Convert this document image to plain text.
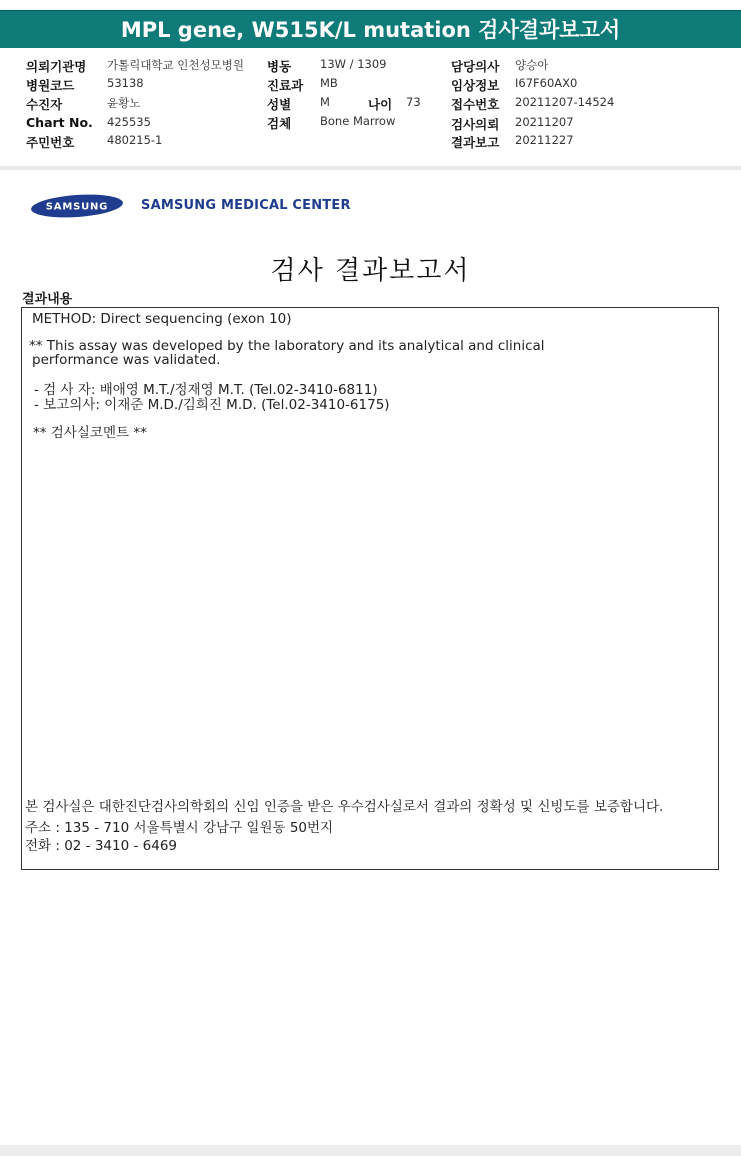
MPL gene, W515K/L mutation 검사결과보고서
의뢰기관명 가톨릭대학교 인천성모병원
병원코드	53138
수진자	윤황노
Chart No. 425535
주민번호	480215-1
병동	13W / 1309
진료과 MB
성별	M	나이 73
검체	Bone Marrow
담당의사 양승아
임상정보 I67F60AX0
접수번호 20211207-14524
검사의뢰 20211207
결과보고 20211227
SAMSUNG	SAMSUNG MEDICAL CENTER
검사 결과보고서
결과내용
METHOD: Direct sequencing (exon 10)
** This assay was developed by the laboratory and its analytical and clinical
performance was validated.
- 검 사 자: 배애영 M.T./정재영 M.T. (Tel.02-3410-6811)
- 보고의사: 이재준 M.D./김희진 M.D. (Tel.02-3410-6175)
** 검사실코멘트 **
본 검사실은 대한진단검사의학회의 신임 인증을 받은 우수검사실로서 결과의 정확성 및 신빙도를 보증합니다.
주소 : 135 - 710 서울특별시 강남구 일원동 50번지
전화 : 02 - 3410 - 6469
